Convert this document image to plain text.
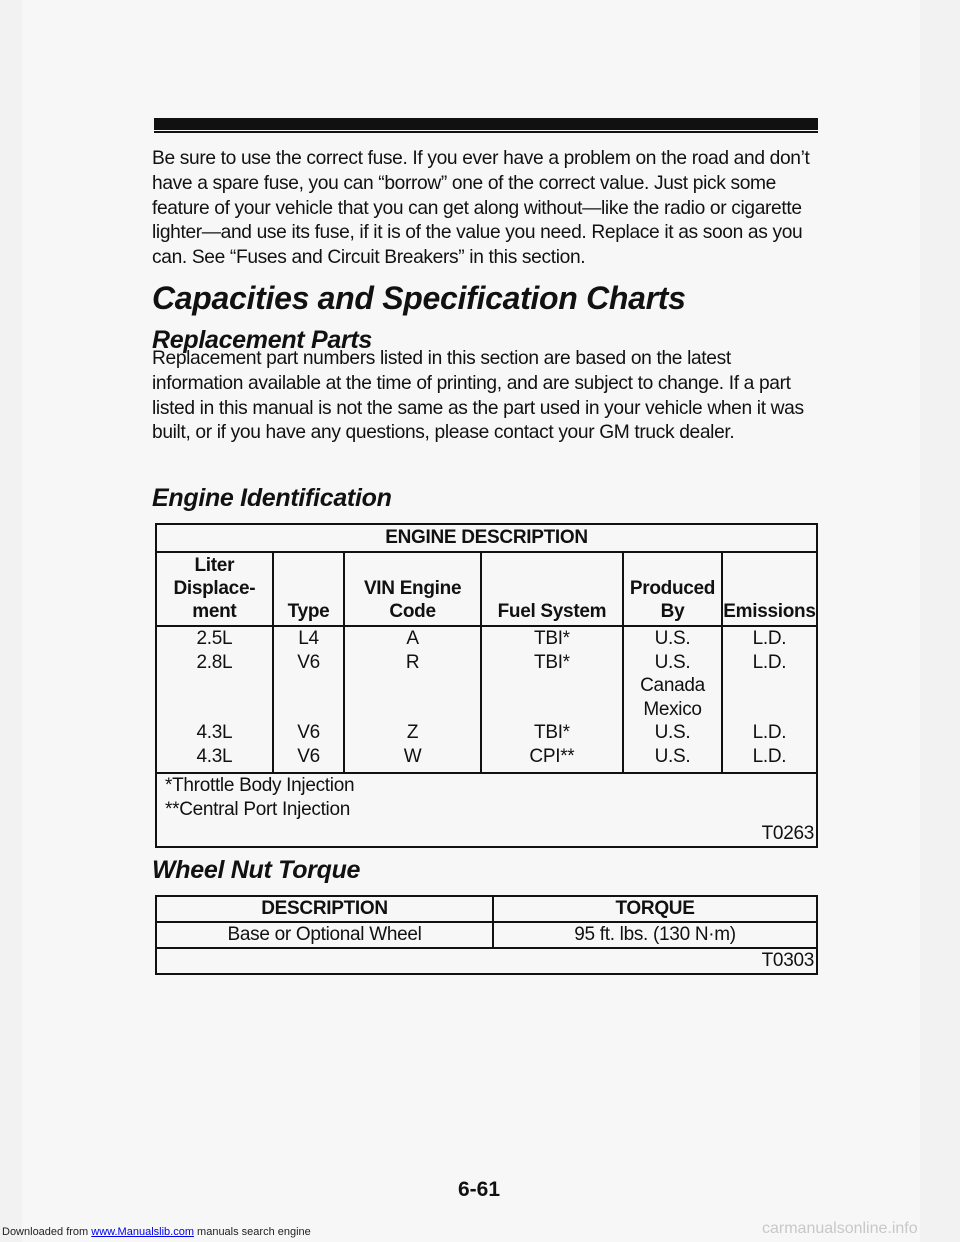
Be sure to use the correct fuse. If you ever have a problem on the road and don’t have a spare fuse, you can “borrow” one of the correct value. Just pick some feature of your vehicle that you can get along without—like the radio or cigarette lighter—and use its fuse, if it is of the value you need. Replace it as soon as you can. See “Fuses and Circuit Breakers” in this section.
Capacities and Specification Charts
Replacement Parts
Replacement part numbers listed in this section are based on the latest information available at the time of printing, and are subject to change. If a part listed in this manual is not the same as the part used in your vehicle when it was built, or if you have any questions, please contact your GM truck dealer.
Engine Identification
ENGINE DESCRIPTION					
Liter Displace- ment	Type	VIN Engine Code	Fuel System	Produced By	Emissions
2.5L	L4	A	TBI*	U.S.	L.D.
2.8L	V6	R	TBI*	U.S.	L.D.
				Canada	
				Mexico	
4.3L	V6	Z	TBI*	U.S.	L.D.
4.3L	V6	W	CPI**	U.S.	L.D.

*Throttle Body Injection
**Central Port Injection
T0263					
Wheel Nut Torque
DESCRIPTION	TORQUE
Base or Optional Wheel	95 ft. lbs. (130 N·m)
T0303	
6-61
Downloaded from www.Manualslib.com manuals search engine	carmanualsonline.info
